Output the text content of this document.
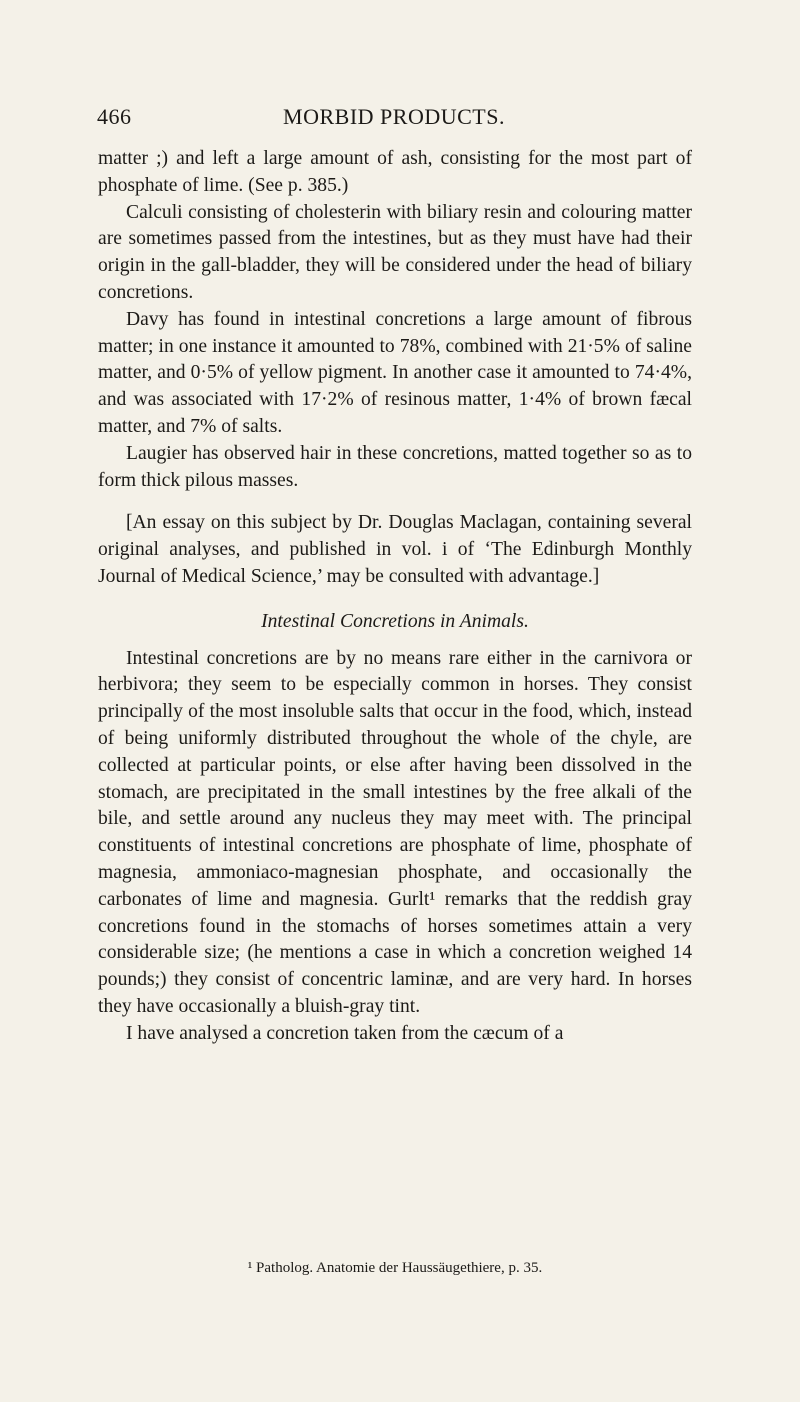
466	MORBID PRODUCTS.

matter ;) and left a large amount of ash, consisting for the most part of phosphate of lime. (See p. 385.)

Calculi consisting of cholesterin with biliary resin and colouring matter are sometimes passed from the intestines, but as they must have had their origin in the gall-bladder, they will be considered under the head of biliary concretions.

Davy has found in intestinal concretions a large amount of fibrous matter; in one instance it amounted to 78%, combined with 21·5% of saline matter, and 0·5% of yellow pigment. In another case it amounted to 74·4%, and was associated with 17·2% of resinous matter, 1·4% of brown fæcal matter, and 7% of salts.

Laugier has observed hair in these concretions, matted together so as to form thick pilous masses.

[An essay on this subject by Dr. Douglas Maclagan, containing several original analyses, and published in vol. i of ‘The Edinburgh Monthly Journal of Medical Science,’ may be consulted with advantage.]

Intestinal Concretions in Animals.

Intestinal concretions are by no means rare either in the carnivora or herbivora; they seem to be especially common in horses. They consist principally of the most insoluble salts that occur in the food, which, instead of being uniformly distributed throughout the whole of the chyle, are collected at particular points, or else after having been dissolved in the stomach, are precipitated in the small intestines by the free alkali of the bile, and settle around any nucleus they may meet with. The principal constituents of intestinal concretions are phosphate of lime, phosphate of magnesia, ammoniaco-magnesian phosphate, and occasionally the carbonates of lime and magnesia. Gurlt¹ remarks that the reddish gray concretions found in the stomachs of horses sometimes attain a very considerable size; (he mentions a case in which a concretion weighed 14 pounds;) they consist of concentric laminæ, and are very hard. In horses they have occasionally a bluish-gray tint.

I have analysed a concretion taken from the cæcum of a

¹ Patholog. Anatomie der Haussäugethiere, p. 35.
